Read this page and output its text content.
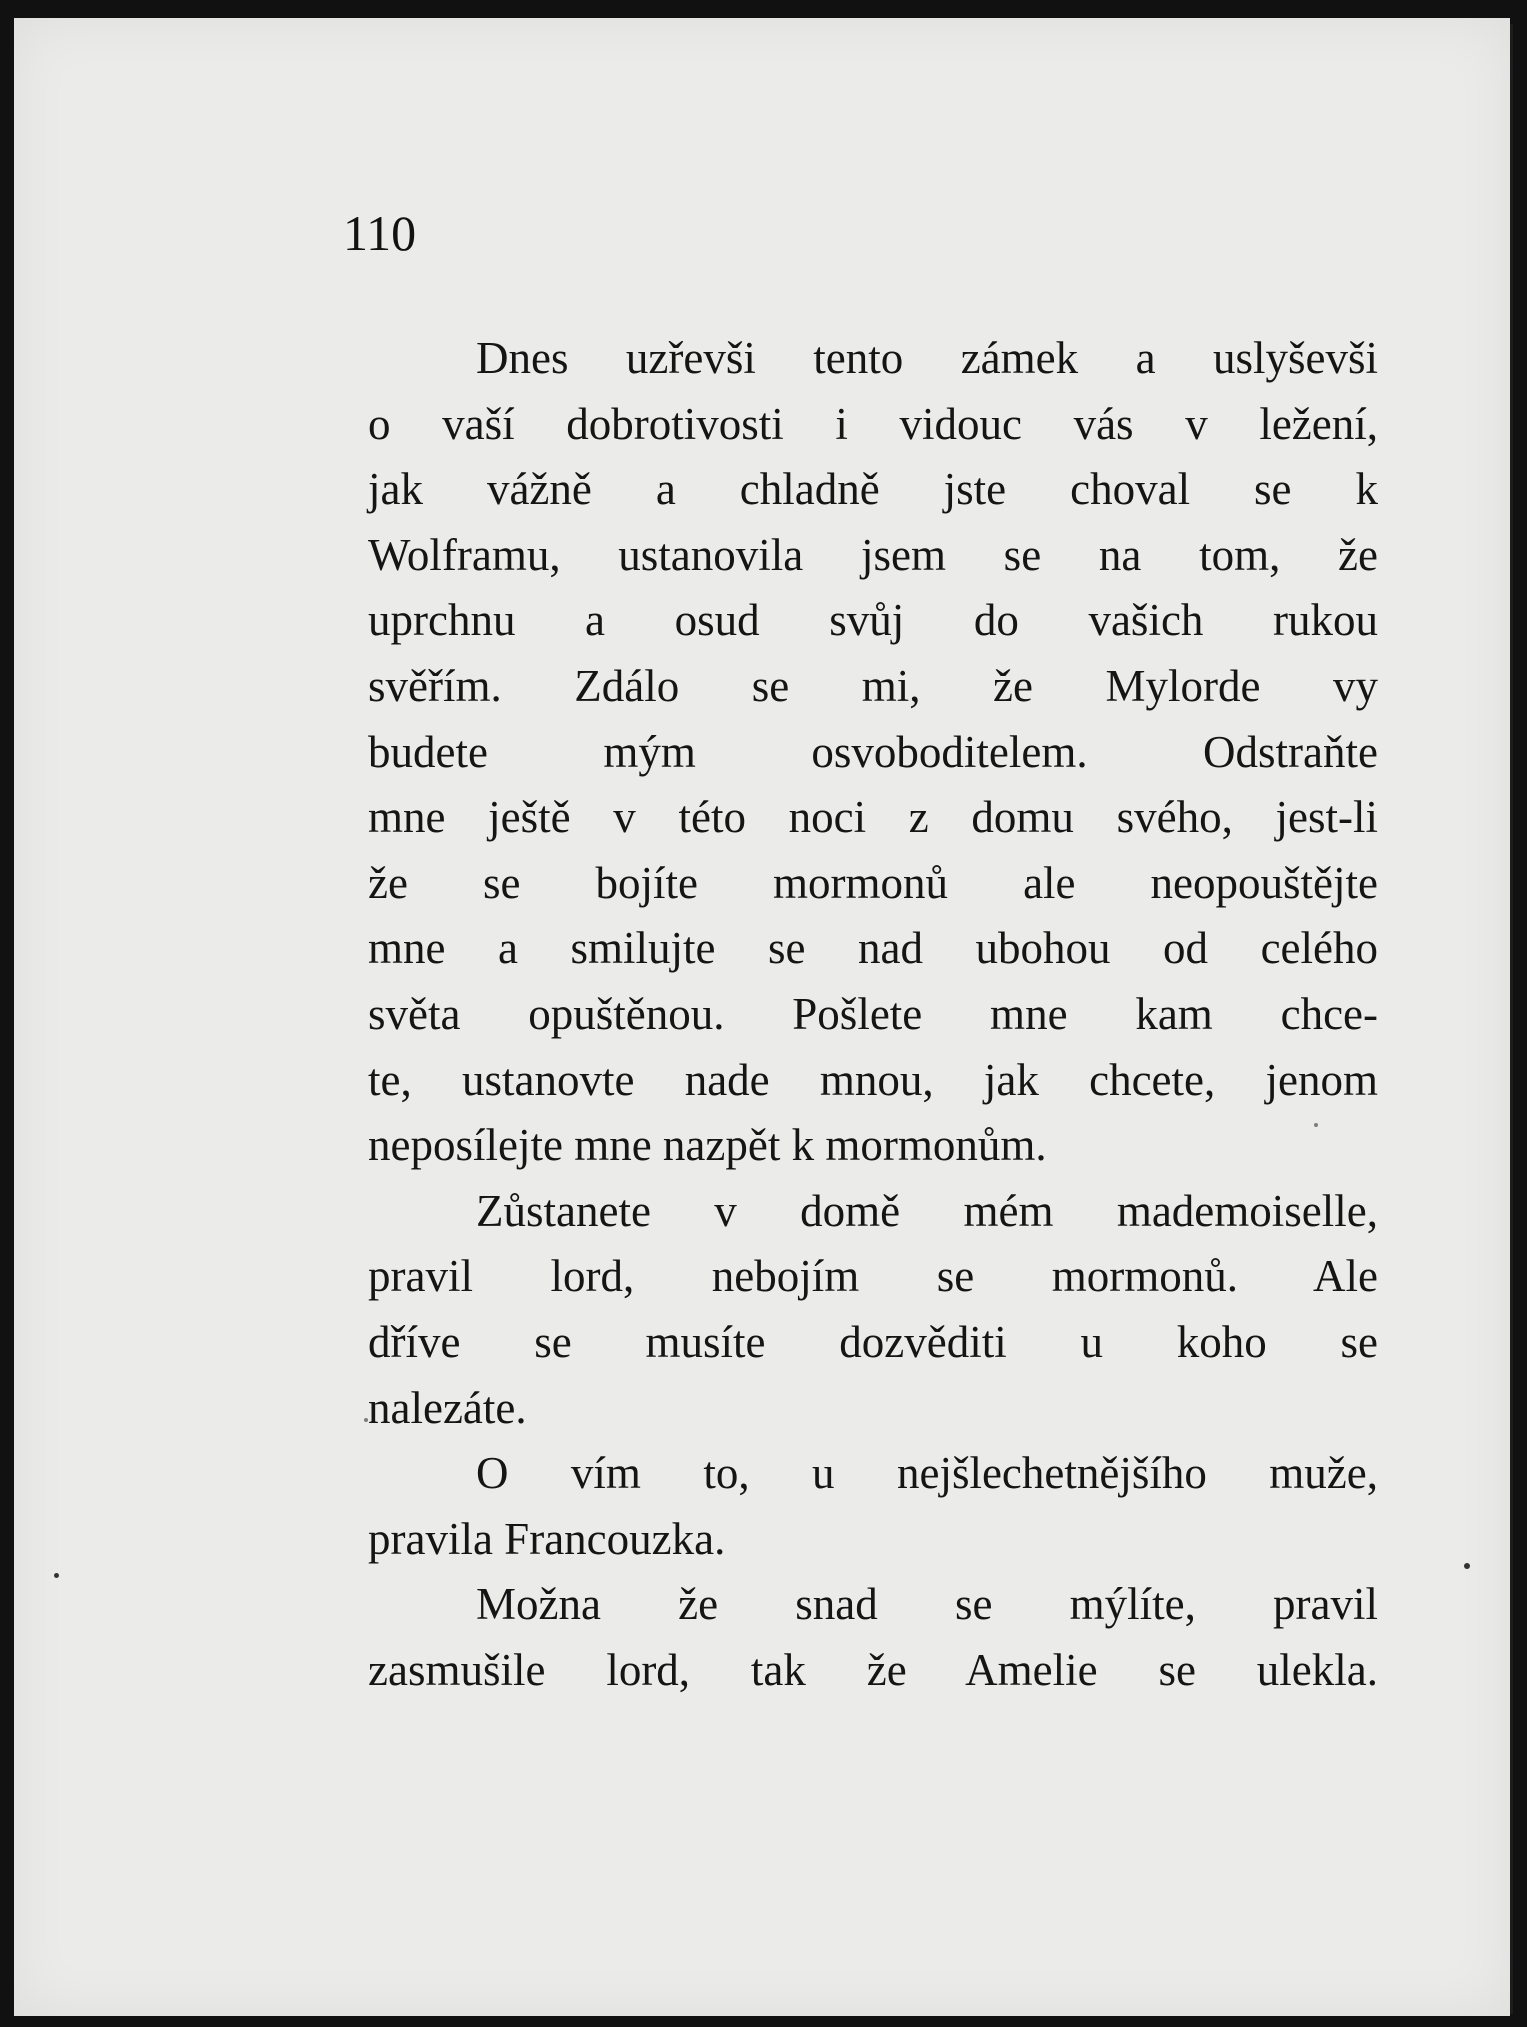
110

Dnes uzřevši tento zámek a uslyševši
o vaší dobrotivosti i vidouc vás v ležení,
jak vážně a chladně jste choval se k
Wolframu, ustanovila jsem se na tom, že
uprchnu a osud svůj do vašich rukou
svěřím. Zdálo se mi, že Mylorde vy
budete mým osvoboditelem. Odstraňte
mne ještě v této noci z domu svého, jest-li
že se bojíte mormonů ale neopouštějte
mne a smilujte se nad ubohou od celého
světa opuštěnou. Pošlete mne kam chce-
te, ustanovte nade mnou, jak chcete, jenom
neposílejte mne nazpět k mormonům.
Zůstanete v domě mém mademoiselle,
pravil lord, nebojím se mormonů. Ale
dříve se musíte dozvěditi u koho se
nalezáte.
O vím to, u nejšlechetnějšího muže,
pravila Francouzka.
Možna že snad se mýlíte, pravil
zasmušile lord, tak že Amelie se ulekla.
